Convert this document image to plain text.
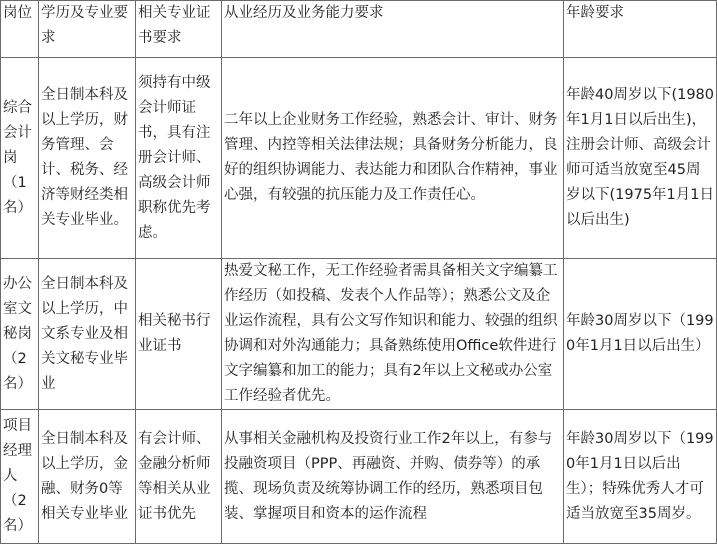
岗位	学历及专业要求	相关专业证书要求	从业经历及业务能力要求	年龄要求
综合会计岗（1名）	全日制本科及以上学历，财务管理、会计、税务、经济等财经类相关专业毕业。	须持有中级会计师证书，具有注册会计师、高级会计师职称优先考虑。	二年以上企业财务工作经验，熟悉会计、审计、财务管理、内控等相关法律法规；具备财务分析能力，良好的组织协调能力、表达能力和团队合作精神，事业心强，有较强的抗压能力及工作责任心。	年龄40周岁以下(1980年1月1日以后出生)，注册会计师、高级会计师可适当放宽至45周岁以下(1975年1月1日以后出生)
办公室文秘岗（2名）	全日制本科及以上学历，中文系专业及相关文秘专业毕业	相关秘书行业证书	热爱文秘工作，无工作经验者需具备相关文字编纂工作经历（如投稿、发表个人作品等）；熟悉公文及企业运作流程，具有公文写作知识和能力、较强的组织协调和对外沟通能力；具备熟练使用Office软件进行文字编纂和加工的能力；具有2年以上文秘或办公室工作经验者优先。	年龄30周岁以下（1990年1月1日以后出生）
项目经理人（2名）	全日制本科及以上学历，金融、财务0等相关专业毕业	有会计师、金融分析师等相关从业证书优先	从事相关金融机构及投资行业工作2年以上，有参与投融资项目（PPP、再融资、并购、债券等）的承揽、现场负责及统筹协调工作的经历，熟悉项目包装、掌握项目和资本的运作流程	年龄30周岁以下（1990年1月1日以后出生）；特殊优秀人才可适当放宽至35周岁。
